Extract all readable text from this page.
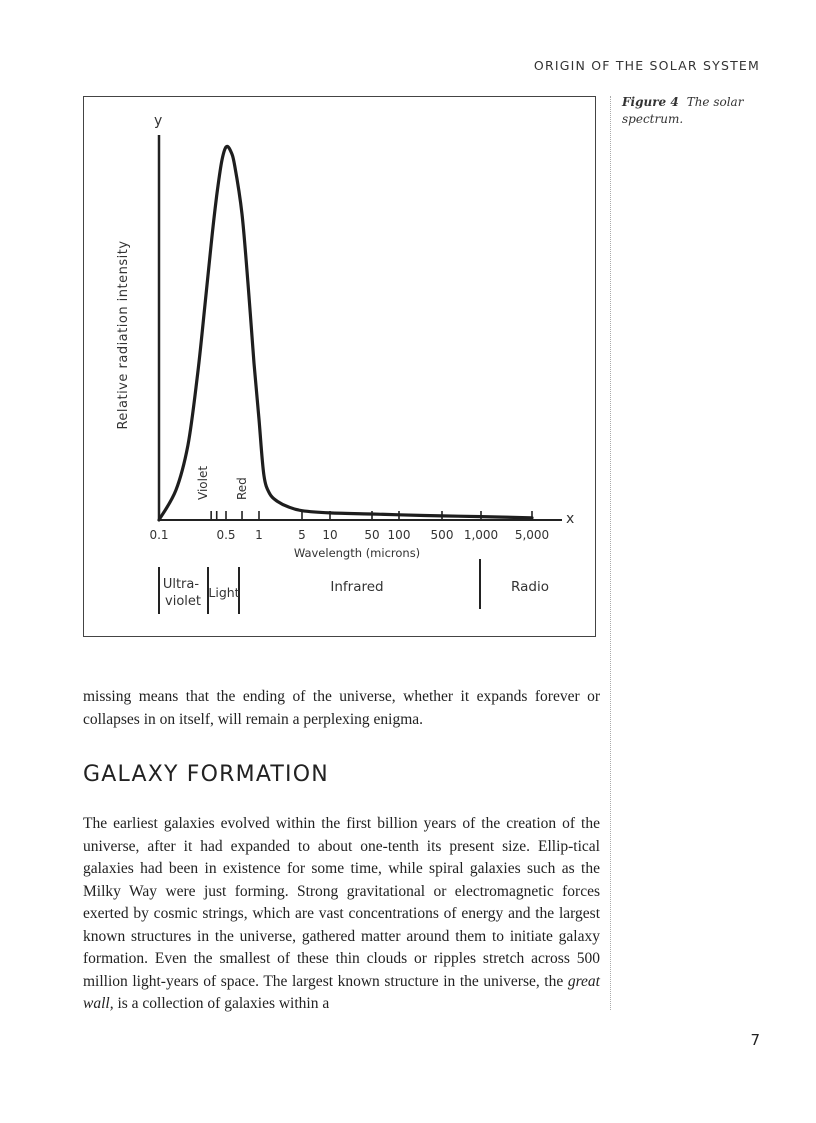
ORIGIN OF THE SOLAR SYSTEM
y
x
Relative radiation intensity
Wavelength (microns)
0.1	0.5 1	5 10 50 100 500 1,000 5,000
Violet Red
Ultra- violet
Light	Infrared	Radio
Figure 4 The solar spectrum.

missing means that the ending of the universe, whether it expands forever or collapses in on itself, will remain a perplexing enigma.

GALAXY FORMATION

The earliest galaxies evolved within the first billion years of the creation of the universe, after it had expanded to about one-tenth its present size. Ellip-tical galaxies had been in existence for some time, while spiral galaxies such as the Milky Way were just forming. Strong gravitational or electromagnetic forces exerted by cosmic strings, which are vast concentrations of energy and the largest known structures in the universe, gathered matter around them to initiate galaxy formation. Even the smallest of these thin clouds or ripples stretch across 500 million light-years of space. The largest known structure in the universe, the great wall, is a collection of galaxies within a

7
